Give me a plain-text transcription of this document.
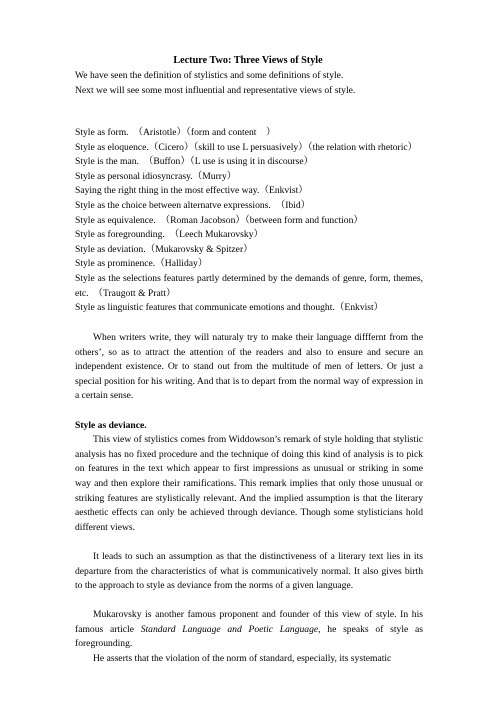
Lecture Two: Three Views of Style
We have seen the definition of stylistics and some definitions of style.
Next we will see some most influential and representative views of style.
Style as form.　（Aristotle）（form and content　）
Style as eloquence.（Cicero）（skill to use L persuasively）（the relation with rhetoric）
Style is the man.　（Buffon）（L use is using it in discourse）
Style as personal idiosyncrasy.（Murry）
Saying the right thing in the most effective way.（Enkvist）
Style as the choice between alternatve expressions.　（Ibid）
Style as equivalence.　（Roman Jacobson）（between form and function）
Style as foregrounding.　（Leech Mukarovsky）
Style as deviation.（Mukarovsky & Spitzer）
Style as prominence.（Halliday）
Style as the selections features partly determined by the demands of genre, form, themes, etc.　（Traugott & Pratt）
Style as linguistic features that communicate emotions and thought.（Enkvist）

When writers write, they will naturaly try to make their language difffernt from the others’, so as to attract the attention of the readers and also to ensure and secure an independent existence. Or to stand out from the multitude of men of letters. Or just a special position for his writing. And that is to depart from the normal way of expression in a certain sense.

Style as deviance.

This view of stylistics comes from Widdowson’s remark of style holding that stylistic analysis has no fixed procedure and the technique of doing this kind of analysis is to pick on features in the text which appear to first impressions as unusual or striking in some way and then explore their ramifications. This remark implies that only those unusual or striking features are stylistically relevant. And the implied assumption is that the literary aesthetic effects can only be achieved through deviance. Though some stylisticians hold different views.

It leads to such an assumption as that the distinctiveness of a literary text lies in its departure from the characteristics of what is communicatively normal. It also gives birth to the approach to style as deviance from the norms of a given language.

Mukarovsky is another famous proponent and founder of this view of style. In his famous article Standard Language and Poetic Language, he speaks of style as foregrounding.

He asserts that the violation of the norm of standard, especially, its systematic
